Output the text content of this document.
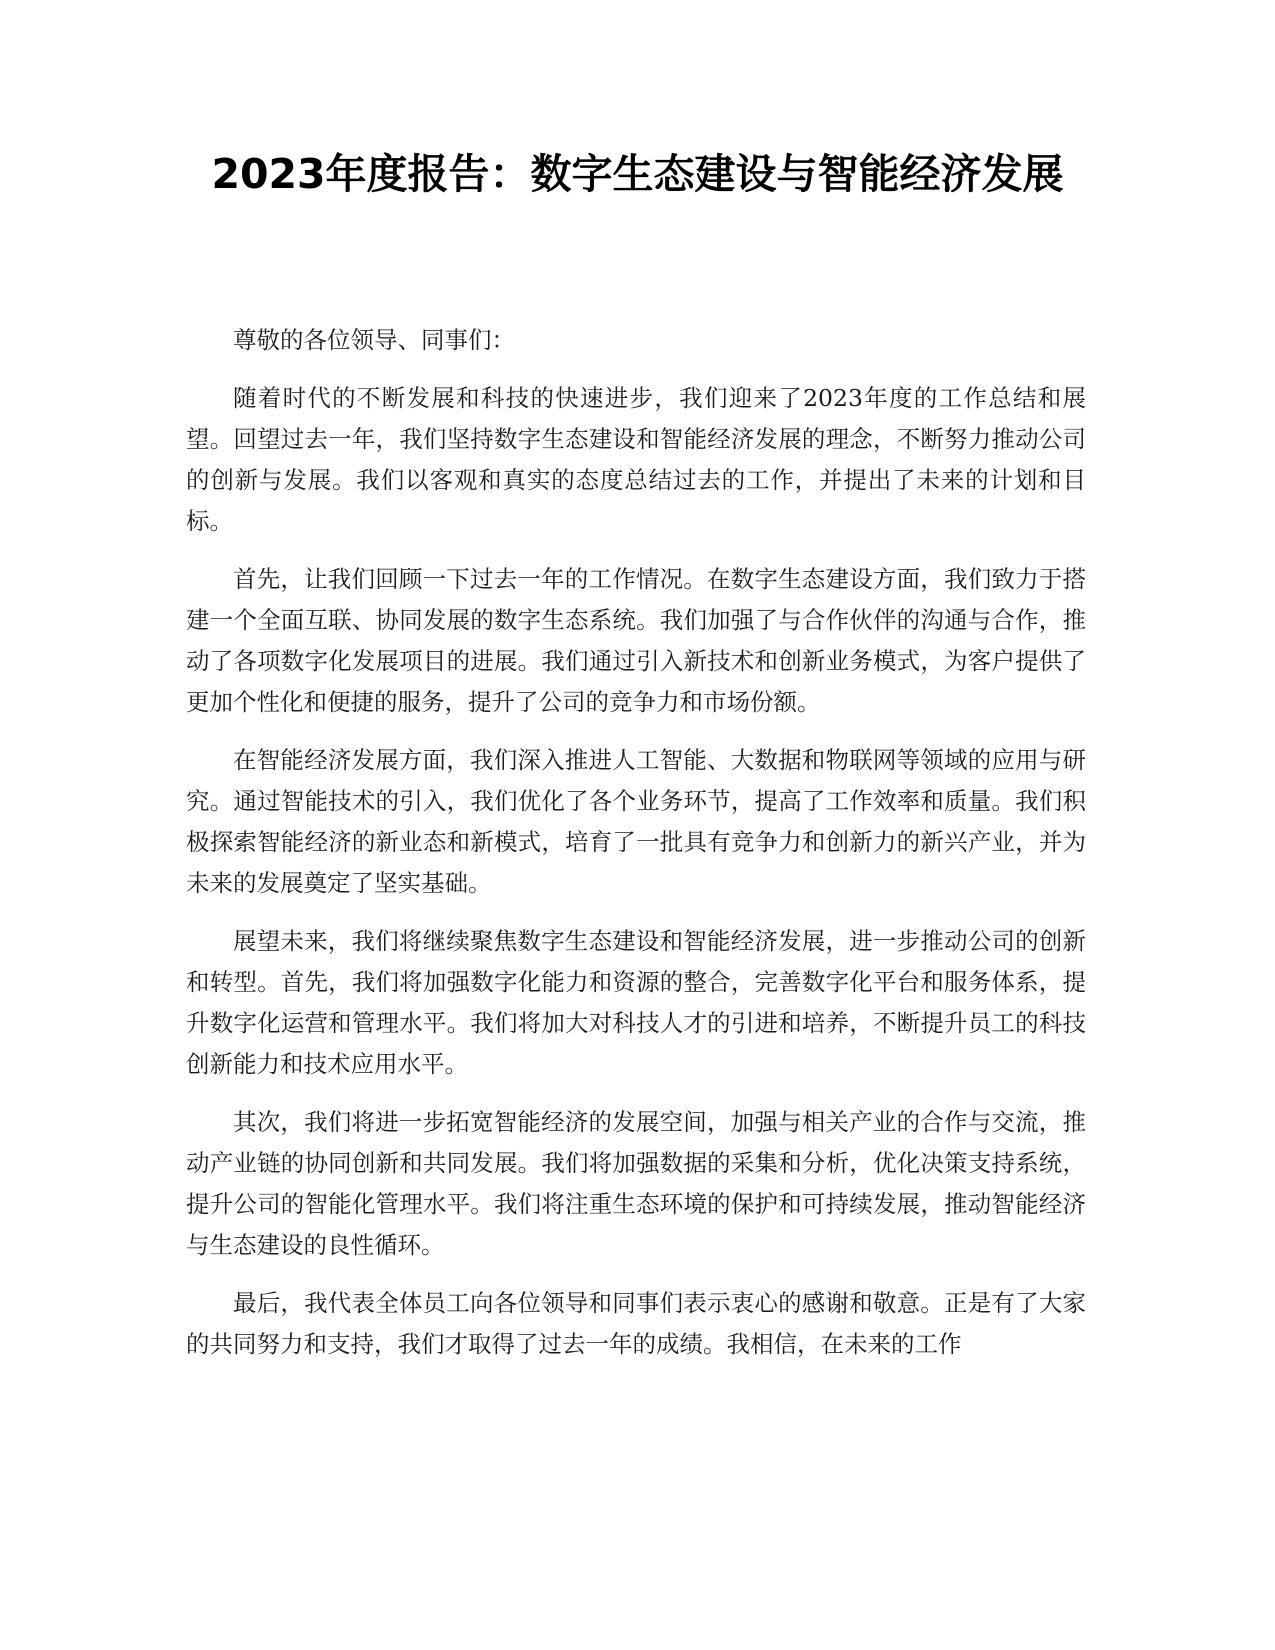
2023年度报告：数字生态建设与智能经济发展

尊敬的各位领导、同事们：

随着时代的不断发展和科技的快速进步，我们迎来了2023年度的工作总结和展望。回望过去一年，我们坚持数字生态建设和智能经济发展的理念，不断努力推动公司的创新与发展。我们以客观和真实的态度总结过去的工作，并提出了未来的计划和目标。

首先，让我们回顾一下过去一年的工作情况。在数字生态建设方面，我们致力于搭建一个全面互联、协同发展的数字生态系统。我们加强了与合作伙伴的沟通与合作，推动了各项数字化发展项目的进展。我们通过引入新技术和创新业务模式，为客户提供了更加个性化和便捷的服务，提升了公司的竞争力和市场份额。

在智能经济发展方面，我们深入推进人工智能、大数据和物联网等领域的应用与研究。通过智能技术的引入，我们优化了各个业务环节，提高了工作效率和质量。我们积极探索智能经济的新业态和新模式，培育了一批具有竞争力和创新力的新兴产业，并为未来的发展奠定了坚实基础。

展望未来，我们将继续聚焦数字生态建设和智能经济发展，进一步推动公司的创新和转型。首先，我们将加强数字化能力和资源的整合，完善数字化平台和服务体系，提升数字化运营和管理水平。我们将加大对科技人才的引进和培养，不断提升员工的科技创新能力和技术应用水平。

其次，我们将进一步拓宽智能经济的发展空间，加强与相关产业的合作与交流，推动产业链的协同创新和共同发展。我们将加强数据的采集和分析，优化决策支持系统，提升公司的智能化管理水平。我们将注重生态环境的保护和可持续发展，推动智能经济与生态建设的良性循环。

最后，我代表全体员工向各位领导和同事们表示衷心的感谢和敬意。正是有了大家的共同努力和支持，我们才取得了过去一年的成绩。我相信，在未来的工作
